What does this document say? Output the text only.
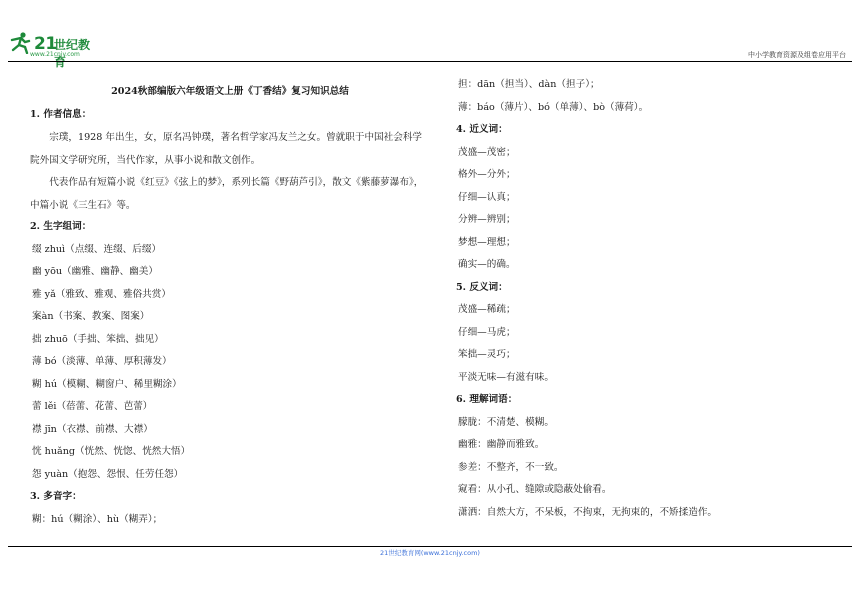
21
世纪教育
www.21cnjy.com	中小学教育资源及组卷应用平台
2024秋部编版六年级语文上册《丁香结》复习知识总结
1. 作者信息：
宗璞，1928 年出生，女，原名冯钟璞，著名哲学家冯友兰之女。曾就职于中国社会科学院外国文学研究所，当代作家，从事小说和散文创作。
代表作品有短篇小说《红豆》《弦上的梦》，系列长篇《野葫芦引》，散文《紫藤萝瀑布》，中篇小说《三生石》等。
2. 生字组词：
缀 zhuì（点缀、连缀、后缀）
幽 yōu（幽雅、幽静、幽美）
雅 yǎ（雅致、雅观、雅俗共赏）
案àn（书案、教案、图案）
拙 zhuō（手拙、笨拙、拙见）
薄 bó（淡薄、单薄、厚积薄发）
糊 hú（模糊、糊窗户、稀里糊涂）
蕾 lěi（蓓蕾、花蕾、芭蕾）
襟 jīn（衣襟、前襟、大襟）
恍 huǎng（恍然、恍惚、恍然大悟）
怨 yuàn（抱怨、怨恨、任劳任怨）
3. 多音字：
糊：hú（糊涂）、hù（糊弄）；
担：dān（担当）、dàn（担子）；
薄：báo（薄片）、bó（单薄）、bò（薄荷）。
4. 近义词：
茂盛—茂密；
格外—分外；
仔细—认真；
分辨—辨别；
梦想—理想；
确实—的确。
5. 反义词：
茂盛—稀疏；
仔细—马虎；
笨拙—灵巧；
平淡无味—有滋有味。
6. 理解词语：
朦胧：不清楚、模糊。
幽雅：幽静而雅致。
参差：不整齐，不一致。
窥看：从小孔、缝隙或隐蔽处偷看。
潇洒：自然大方，不呆板，不拘束，无拘束的，不矫揉造作。
21世纪教育网(www.21cnjy.com)
